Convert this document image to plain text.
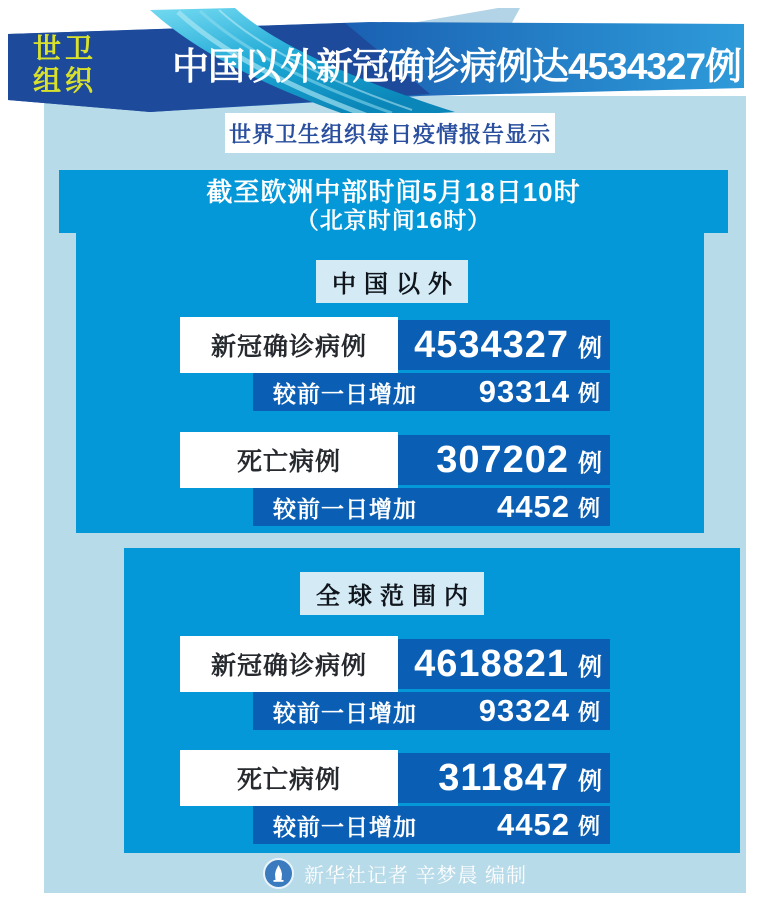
世卫
组织 中国以外新冠确诊病例达4534327例
世界卫生组织每日疫情报告显示
截至欧洲中部时间5月18日10时
（北京时间16时）
中国以外
新冠确诊病例	4534327 例
较前一日增加 93314 例
死亡病例	307202 例
较前一日增加	4452 例
全球范围内
新冠确诊病例	4618821 例
较前一日增加 93324 例
死亡病例	311847 例
较前一日增加	4452 例
新华社记者 辛梦晨 编制
